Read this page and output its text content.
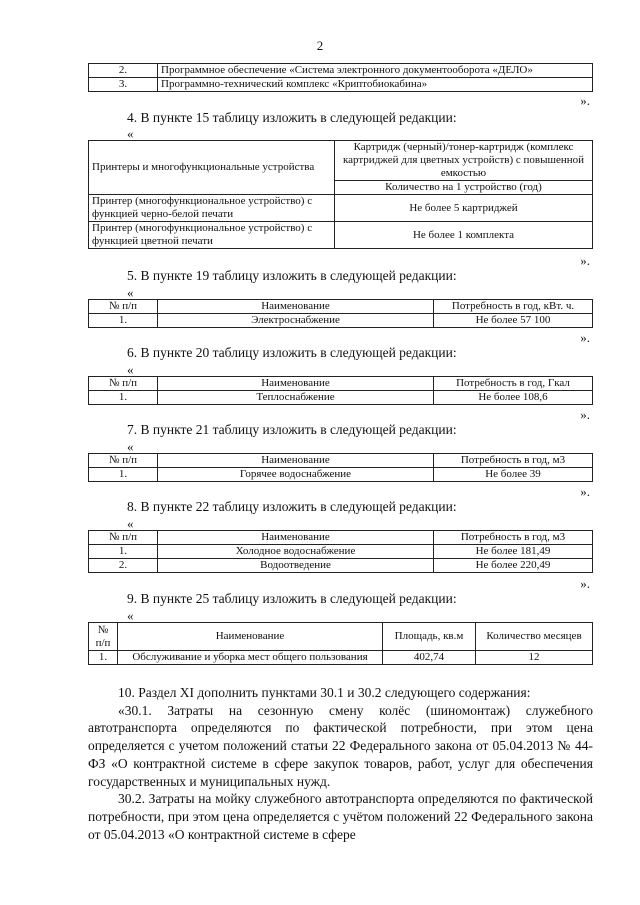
2
2.	Программное обеспечение «Система электронного документооборота «ДЕЛО»
3.	Программно-технический комплекс «Криптобиокабина»
».
4. В пункте 15 таблицу изложить в следующей редакции:
«
Принтеры и многофункциональные устройства	Картридж (черный)/тонер-картридж (комплекс картриджей для цветных устройств) с повышенной емкостью
	Количество на 1 устройство (год)
Принтер (многофункциональное устройство) с функцией черно-белой печати	Не более 5 картриджей
Принтер (многофункциональное устройство) с функцией цветной печати	Не более 1 комплекта
».
5. В пункте 19 таблицу изложить в следующей редакции:
«
№ п/п	Наименование	Потребность в год, кВт. ч.
1.	Электроснабжение	Не более 57 100
».
6. В пункте 20 таблицу изложить в следующей редакции:
«
№ п/п	Наименование	Потребность в год, Гкал
1.	Теплоснабжение	Не более 108,6
».
7. В пункте 21 таблицу изложить в следующей редакции:
«
№ п/п	Наименование	Потребность в год, м3
1.	Горячее водоснабжение	Не более 39
».
8. В пункте 22 таблицу изложить в следующей редакции:
«
№ п/п	Наименование	Потребность в год, м3
1.	Холодное водоснабжение	Не более 181,49
2.	Водоотведение	Не более 220,49
».
9. В пункте 25 таблицу изложить в следующей редакции:
«
№ п/п	Наименование	Площадь, кв.м	Количество месяцев
1.	Обслуживание и уборка мест общего пользования	402,74	12

10. Раздел XI дополнить пунктами 30.1 и 30.2 следующего содержания:

«30.1. Затраты на сезонную смену колёс (шиномонтаж) служебного автотранспорта определяются по фактической потребности, при этом цена определяется с учетом положений статьи 22 Федерального закона от 05.04.2013 № 44-ФЗ «О контрактной системе в сфере закупок товаров, работ, услуг для обеспечения государственных и муниципальных нужд.

30.2. Затраты на мойку служебного автотранспорта определяются по фактической потребности, при этом цена определяется с учётом положений 22 Федерального закона от 05.04.2013 «О контрактной системе в сфере
